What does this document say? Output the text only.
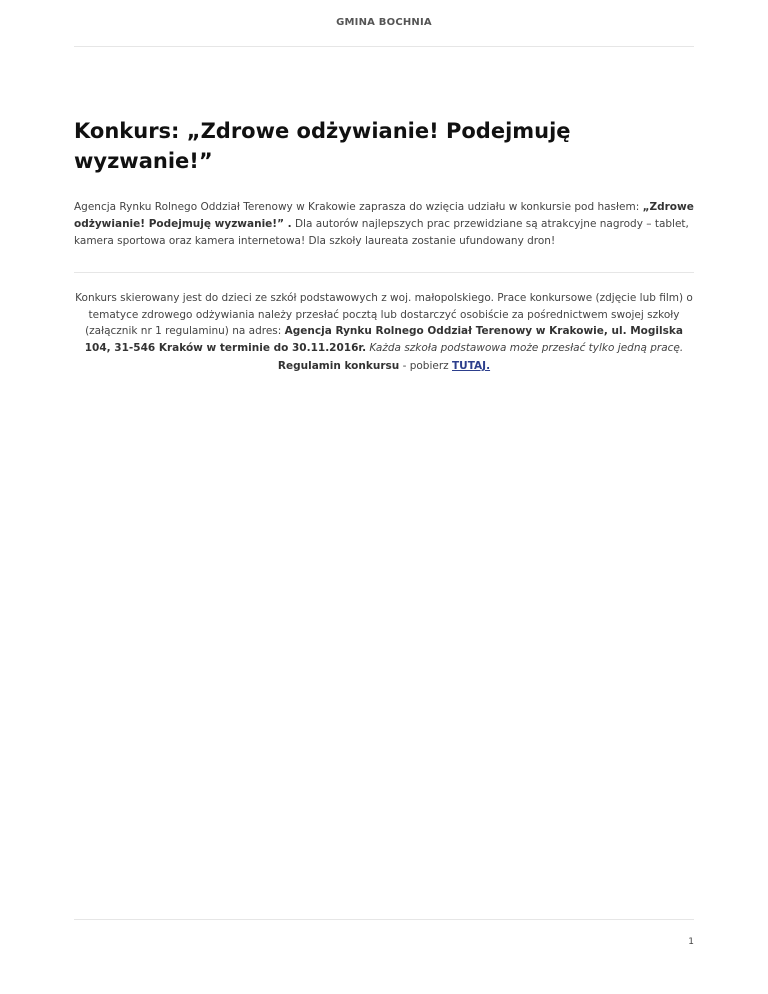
GMINA BOCHNIA
Konkurs: „Zdrowe odżywianie! Podejmuję wyzwanie!”

Agencja Rynku Rolnego Oddział Terenowy w Krakowie zaprasza do wzięcia udziału w konkursie pod hasłem: „Zdrowe odżywianie! Podejmuję wyzwanie!” . Dla autorów najlepszych prac przewidziane są atrakcyjne nagrody – tablet, kamera sportowa oraz kamera internetowa! Dla szkoły laureata zostanie ufundowany dron!

Konkurs skierowany jest do dzieci ze szkół podstawowych z woj. małopolskiego. Prace konkursowe (zdjęcie lub film) o tematyce zdrowego odżywiania należy przesłać pocztą lub dostarczyć osobiście za pośrednictwem swojej szkoły (załącznik nr 1 regulaminu) na adres: Agencja Rynku Rolnego Oddział Terenowy w Krakowie, ul. Mogilska 104, 31-546 Kraków w terminie do 30.11.2016r. Każda szkoła podstawowa może przesłać tylko jedną pracę.

Regulamin konkursu - pobierz TUTAJ.

1
